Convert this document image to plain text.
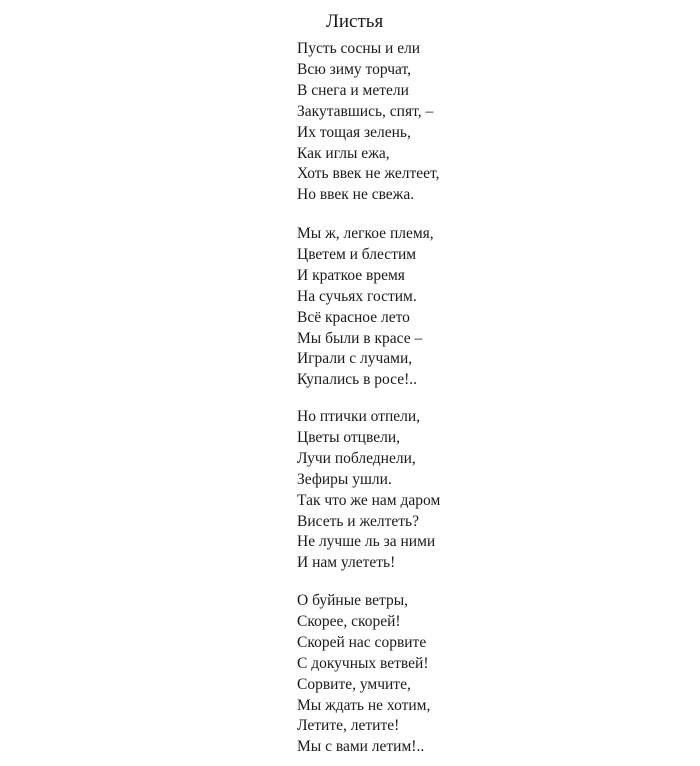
Листья
Пусть сосны и ели
Всю зиму торчат,
В снега и метели
Закутавшись, спят, –
Их тощая зелень,
Как иглы ежа,
Хоть ввек не желтеет,
Но ввек не свежа.
Мы ж, легкое племя,
Цветем и блестим
И краткое время
На сучьях гостим.
Всё красное лето
Мы были в красе –
Играли с лучами,
Купались в росе!..
Но птички отпели,
Цветы отцвели,
Лучи побледнели,
Зефиры ушли.
Так что же нам даром
Висеть и желтеть?
Не лучше ль за ними
И нам улететь!
О буйные ветры,
Скорее, скорей!
Скорей нас сорвите
С докучных ветвей!
Сорвите, умчите,
Мы ждать не хотим,
Летите, летите!
Мы с вами летим!..
